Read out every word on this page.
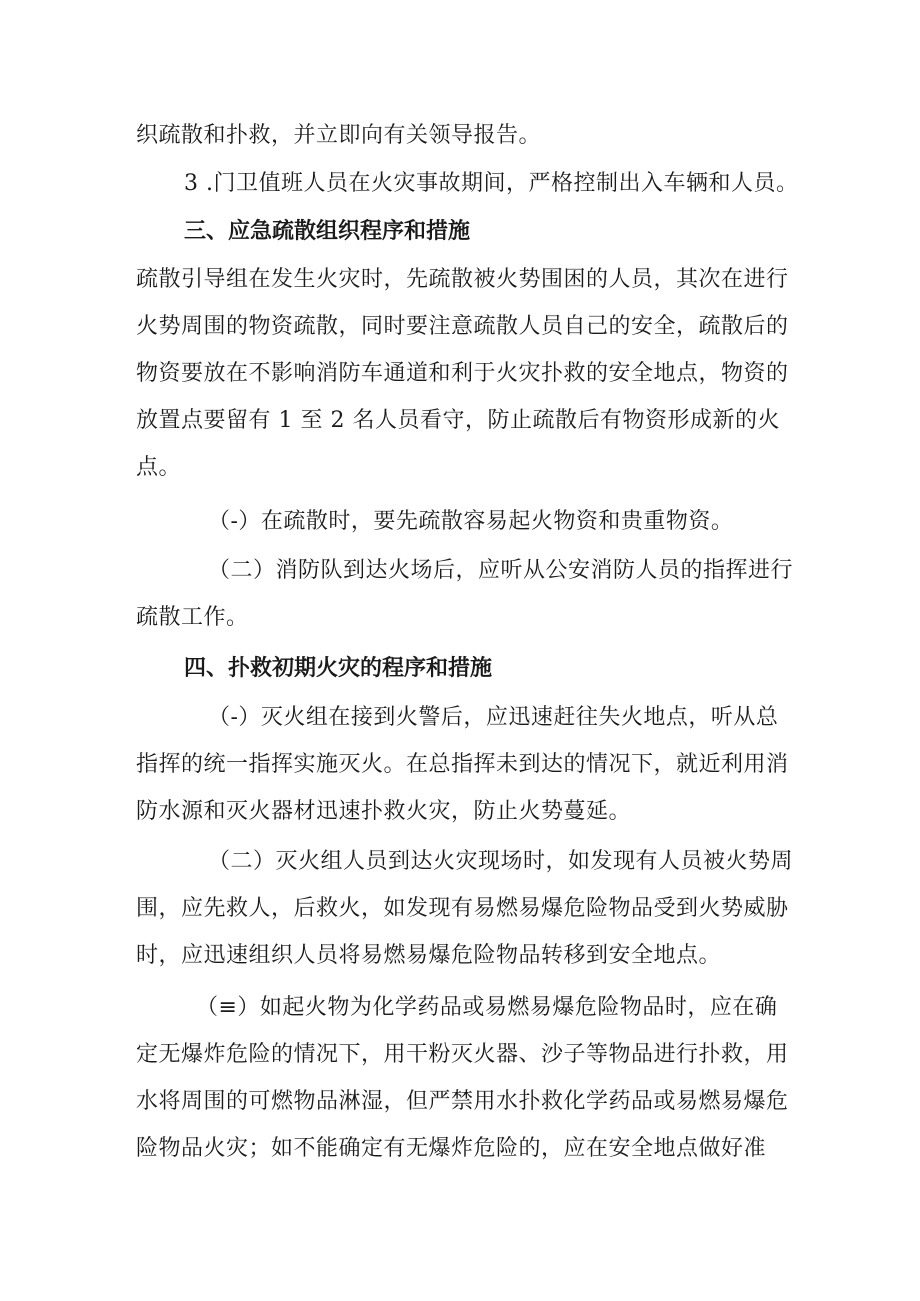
织疏散和扑救，并立即向有关领导报告。

3 .门卫值班人员在火灾事故期间，严格控制出入车辆和人员。

三、应急疏散组织程序和措施

疏散引导组在发生火灾时，先疏散被火势围困的人员，其次在进行火势周围的物资疏散，同时要注意疏散人员自己的安全，疏散后的物资要放在不影响消防车通道和利于火灾扑救的安全地点，物资的放置点要留有 1 至 2 名人员看守，防止疏散后有物资形成新的火点。

（-）在疏散时，要先疏散容易起火物资和贵重物资。

（二）消防队到达火场后，应听从公安消防人员的指挥进行疏散工作。

四、扑救初期火灾的程序和措施

（-）灭火组在接到火警后，应迅速赶往失火地点，听从总指挥的统一指挥实施灭火。在总指挥未到达的情况下，就近利用消防水源和灭火器材迅速扑救火灾，防止火势蔓延。

（二）灭火组人员到达火灾现场时，如发现有人员被火势周围，应先救人，后救火，如发现有易燃易爆危险物品受到火势威胁时，应迅速组织人员将易燃易爆危险物品转移到安全地点。

（≡）如起火物为化学药品或易燃易爆危险物品时，应在确定无爆炸危险的情况下，用干粉灭火器、沙子等物品进行扑救，用水将周围的可燃物品淋湿，但严禁用水扑救化学药品或易燃易爆危险物品火灾；如不能确定有无爆炸危险的，应在安全地点做好准
